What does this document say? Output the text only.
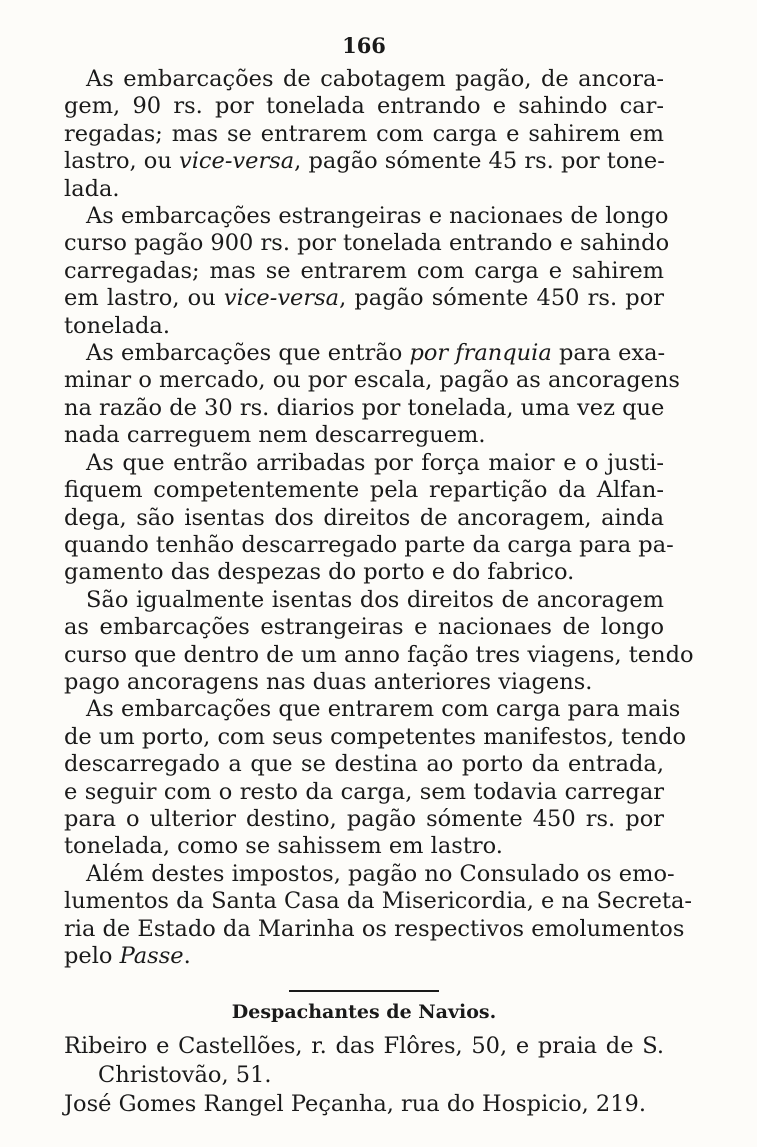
166
As embarcações de cabotagem pagão, de ancora-
gem, 90 rs. por tonelada entrando e sahindo car-
regadas; mas se entrarem com carga e sahirem em
lastro, ou vice-versa, pagão sómente 45 rs. por tone-
lada.
As embarcações estrangeiras e nacionaes de longo
curso pagão 900 rs. por tonelada entrando e sahindo
carregadas; mas se entrarem com carga e sahirem
em lastro, ou vice-versa, pagão sómente 450 rs. por
tonelada.
As embarcações que entrão por franquia para exa-
minar o mercado, ou por escala, pagão as ancoragens
na razão de 30 rs. diarios por tonelada, uma vez que
nada carreguem nem descarreguem.
As que entrão arribadas por força maior e o justi-
fiquem competentemente pela repartição da Alfan-
dega, são isentas dos direitos de ancoragem, ainda
quando tenhão descarregado parte da carga para pa-
gamento das despezas do porto e do fabrico.
São igualmente isentas dos direitos de ancoragem
as embarcações estrangeiras e nacionaes de longo
curso que dentro de um anno fação tres viagens, tendo
pago ancoragens nas duas anteriores viagens.
As embarcações que entrarem com carga para mais
de um porto, com seus competentes manifestos, tendo
descarregado a que se destina ao porto da entrada,
e seguir com o resto da carga, sem todavia carregar
para o ulterior destino, pagão sómente 450 rs. por
tonelada, como se sahissem em lastro.
Além destes impostos, pagão no Consulado os emo-
lumentos da Santa Casa da Misericordia, e na Secreta-
ria de Estado da Marinha os respectivos emolumentos
pelo Passe.
Despachantes de Navios.
Ribeiro e Castellões, r. das Flôres, 50, e praia de S.
Christovão, 51.
José Gomes Rangel Peçanha, rua do Hospicio, 219.
